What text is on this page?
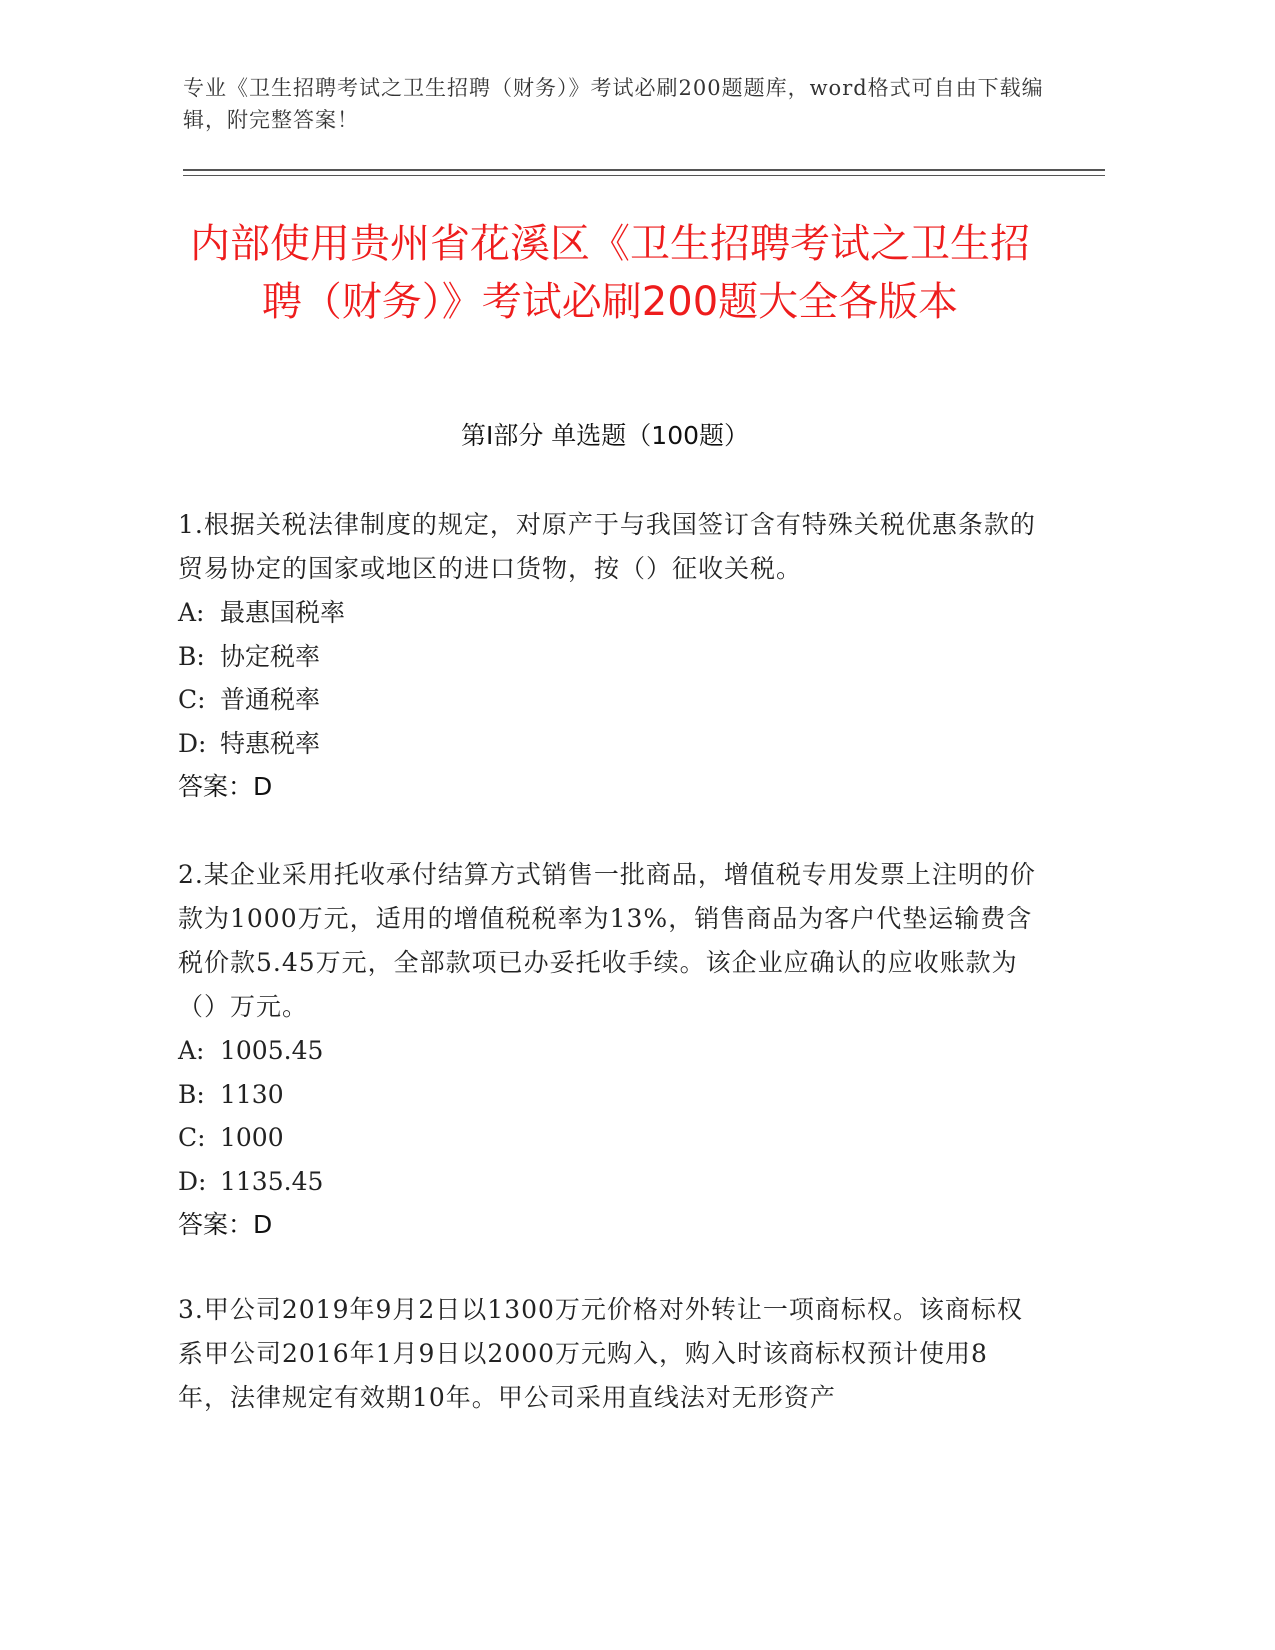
专业《卫生招聘考试之卫生招聘（财务）》考试必刷200题题库，word格式可自由下载编辑，附完整答案！
内部使用贵州省花溪区《卫生招聘考试之卫生招聘（财务）》考试必刷200题大全各版本
第I部分 单选题（100题）
1.根据关税法律制度的规定，对原产于与我国签订含有特殊关税优惠条款的贸易协定的国家或地区的进口货物，按（）征收关税。
A: 最惠国税率
B: 协定税率
C: 普通税率
D: 特惠税率
答案：D
2.某企业采用托收承付结算方式销售一批商品，增值税专用发票上注明的价款为1000万元，适用的增值税税率为13%，销售商品为客户代垫运输费含税价款5.45万元，全部款项已办妥托收手续。该企业应确认的应收账款为（）万元。
A: 1005.45
B: 1130
C: 1000
D: 1135.45
答案：D
3.甲公司2019年9月2日以1300万元价格对外转让一项商标权。该商标权系甲公司2016年1月9日以2000万元购入，购入时该商标权预计使用8年，法律规定有效期10年。甲公司采用直线法对无形资产
